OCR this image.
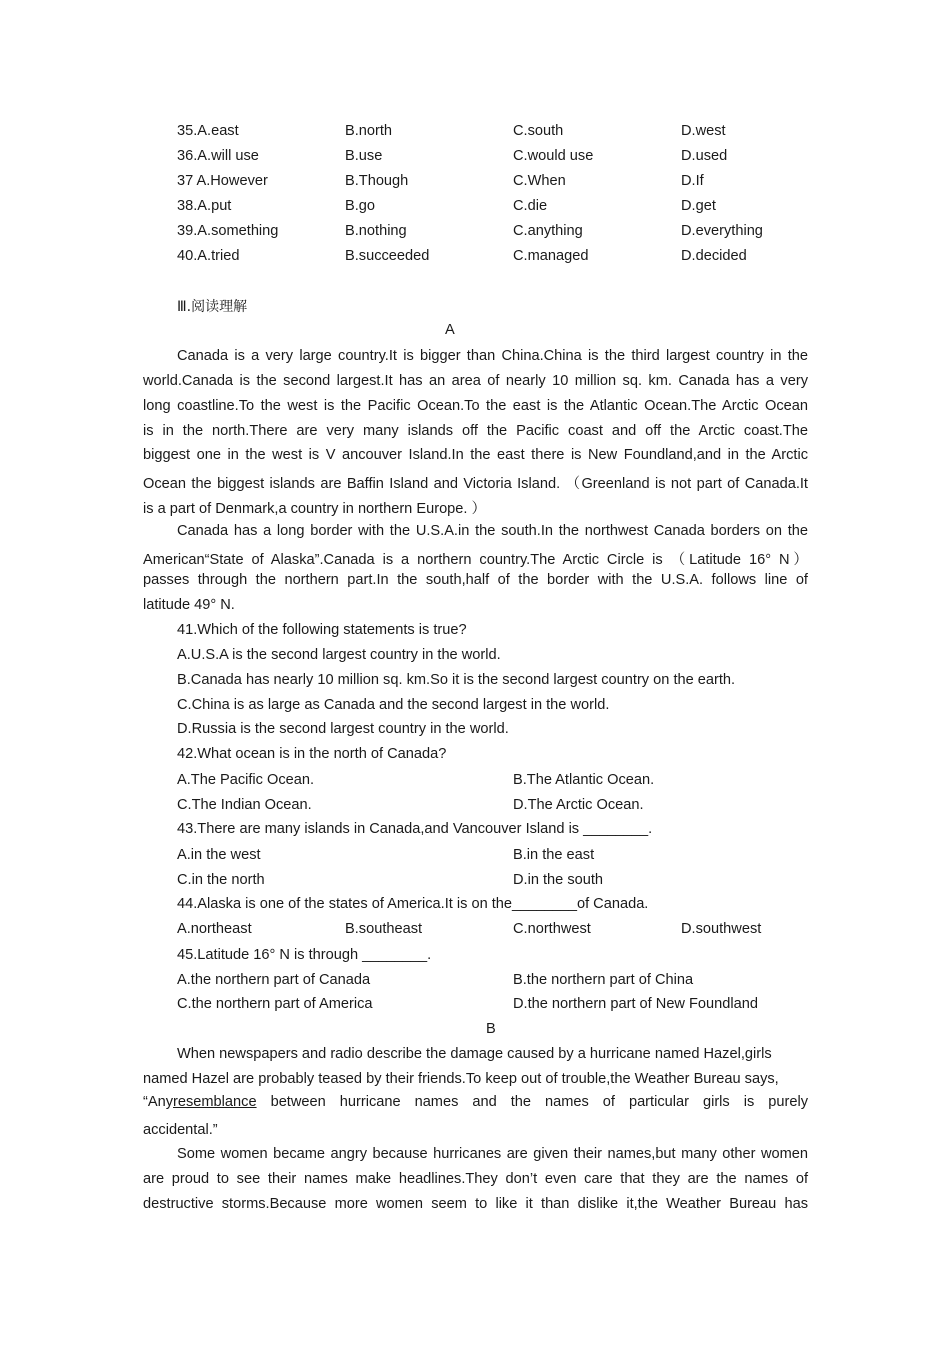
35.A.east	B.north	C.south	D.west
36.A.will use	B.use	C.would use	D.used
37 A.However	B.Though	C.When	D.If
38.A.put	B.go	C.die	D.get
39.A.something	B.nothing	C.anything	D.everything
40.A.tried	B.succeeded	C.managed	D.decided
Ⅲ.阅读理解
A
Canada is a very large country.It is bigger than China.China is the third largest country in the
world.Canada is the second largest.It has an area of nearly 10 million sq. km. Canada has a very
long coastline.To the west is the Pacific Ocean.To the east is the Atlantic Ocean.The Arctic Ocean
is in the north.There are very many islands off the Pacific coast and off the Arctic coast.The
biggest one in the west is V ancouver Island.In the east there is New Foundland,and in the Arctic
Ocean the biggest islands are Baffin Island and Victoria Island. （Greenland is not part of Canada.It
is a part of Denmark,a country in northern Europe. ）
Canada has a long border with the U.S.A.in the south.In the northwest Canada borders on the
American“State of Alaska”.Canada is a northern country.The Arctic Circle is （Latitude 16° N）
passes through the northern part.In the south,half of the border with the U.S.A. follows line of
latitude 49° N.
41.Which of the following statements is true?
A.U.S.A is the second largest country in the world.
B.Canada has nearly 10 million sq. km.So it is the second largest country on the earth.
C.China is as large as Canada and the second largest in the world.
D.Russia is the second largest country in the world.
42.What ocean is in the north of Canada?
A.The Pacific Ocean.	B.The Atlantic Ocean.
C.The Indian Ocean.	D.The Arctic Ocean.
43.There are many islands in Canada,and Vancouver Island is ________.
A.in the west	B.in the east
C.in the north	D.in the south
44.Alaska is one of the states of America.It is on the________of Canada.
A.northeast	B.southeast	C.northwest	D.southwest
45.Latitude 16° N is through ________.
A.the northern part of Canada	B.the northern part of China
C.the northern part of America	D.the northern part of New Foundland
B
When newspapers and radio describe the damage caused by a hurricane named Hazel,girls
named Hazel are probably teased by their friends.To keep out of trouble,the Weather Bureau says,
“Any resemblance between hurricane names and the names of particular girls is purely
accidental.”
Some women became angry because hurricanes are given their names,but many other women
are proud to see their names make headlines.They don’t even care that they are the names of
destructive storms.Because more women seem to like it than dislike it,the Weather Bureau has
